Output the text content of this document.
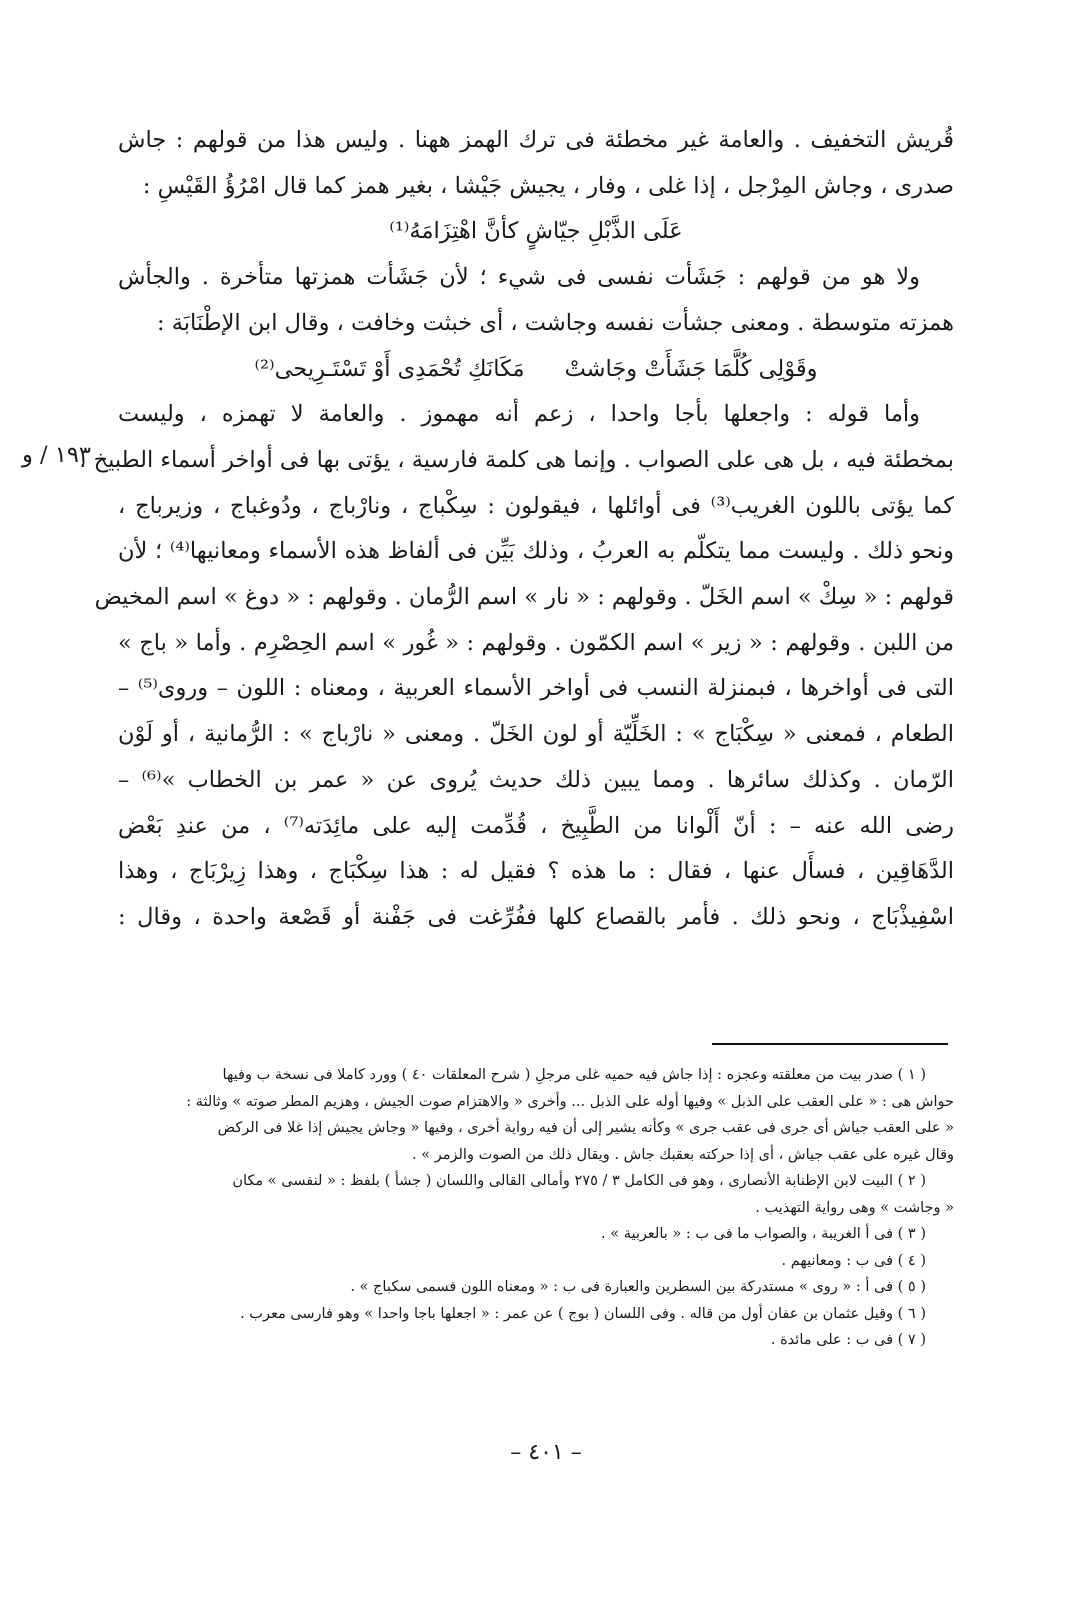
قُريش التخفيف . والعامة غير مخطئة فى ترك الهمز ههنا . وليس هذا من قولهم : جاش
صدرى ، وجاش المِرْجل ، إذا غلى ، وفار ، يجيش جَيْشا ، بغير همز كما قال امْرُؤُ القَيْسِ :
عَلَى الذَّبْلِ جيّاشٍ كأنَّ اهْتِزَامَهُ⁽¹⁾
ولا هو من قولهم : جَشَأت نفسى فى شيء ؛ لأن جَشَأت همزتها متأخرة . والجأش
همزته متوسطة . ومعنى جشأت نفسه وجاشت ، أى خبثت وخافت ، وقال ابن الإطْنَابَة :
وقَوْلِى كُلَّمَا جَشَأَتْ وجَاشتْ
مَكَانَكِ تُحْمَدِى أَوْ تَسْتَـرِيحى⁽²⁾
وأما قوله : واجعلها بأجا واحدا ، زعم أنه مهموز . والعامة لا تهمزه ، وليست
بمخطئة فيه ، بل هى على الصواب . وإنما هى كلمة فارسية ، يؤتى بها فى أواخر أسماء الطبيخ ،
كما يؤتى باللون الغريب⁽³⁾ فى أوائلها ، فيقولون : سِكْباج ، ونارْباج ، ودُوغباج ، وزيرباج ،
ونحو ذلك . وليست مما يتكلّم به العربُ ، وذلك بَيِّن فى ألفاظ هذه الأسماء ومعانيها⁽⁴⁾ ؛ لأن
قولهم : « سِكْ » اسم الخَلّ . وقولهم : « نار » اسم الرُّمان . وقولهم : « دوغ » اسم المخيض
من اللبن . وقولهم : « زير » اسم الكمّون . وقولهم : « غُور » اسم الحِصْرِم . وأما « باج »
التى فى أواخرها ، فبمنزلة النسب فى أواخر الأسماء العربية ، ومعناه : اللون – وروى⁽⁵⁾ –
الطعام ، فمعنى « سِكْبَاج » : الخَلِّيّة أو لون الخَلّ . ومعنى « نارْباج » : الرُّمانية ، أو لَوْن
الرّمان . وكذلك سائرها . ومما يبين ذلك حديث يُروى عن « عمر بن الخطاب »⁽⁶⁾ –
رضى الله عنه – : أنّ أَلْوانا من الطَّبِيخ ، قُدِّمت إليه على مائِدَته⁽⁷⁾ ، من عندِ بَعْض
الدَّهَاقِين ، فسأَل عنها ، فقال : ما هذه ؟ فقيل له : هذا سِكْبَاج ، وهذا زِيرْبَاج ، وهذا
اسْفِيذْبَاج ، ونحو ذلك . فأمر بالقصاع كلها ففُرِّغت فى جَفْنة أو قَصْعة واحدة ، وقال :
١٩٣ / و
( ١ ) صدر بيت من معلقته وعجزه : إذا جاش فيه حميه غلى مرجلِ ( شرح المعلقات ٤٠ ) وورد كاملا فى نسخة ب وفيها
حواش هى : « على العقب على الذبل » وفيها أوله على الذبل ... وأخرى « والاهتزام صوت الجيش ، وهزيم المطر صوته » وثالثة :
« على العقب جياش أى جرى فى عقب جرى » وكأنه يشير إلى أن فيه رواية أخرى ، وفيها « وجاش يجيش إذا غلا فى الركض
وقال غيره على عقب جياش ، أى إذا حركته بعقبك جاش . ويقال ذلك من الصوت والزمر » .
( ٢ ) البيت لابن الإطنابة الأنصارى ، وهو فى الكامل ٣ / ٢٧٥ وأمالى القالى واللسان ( جشأ ) بلفظ : « لنفسى » مكان
« وجاشت » وهى رواية التهذيب .
( ٣ ) فى أ الغريبة ، والصواب ما فى ب : « بالعربية » .
( ٤ ) فى ب : ومعانيهم .
( ٥ ) فى أ : « روى » مستدركة بين السطرين والعبارة فى ب : « ومعناه اللون فسمى سكباج » .
( ٦ ) وقيل عثمان بن عفان أول من قاله . وفى اللسان ( بوج ) عن عمر : « اجعلها باجا واحدا » وهو فارسى معرب .
( ٧ ) فى ب : على مائدة .
– ٤٠١ –
